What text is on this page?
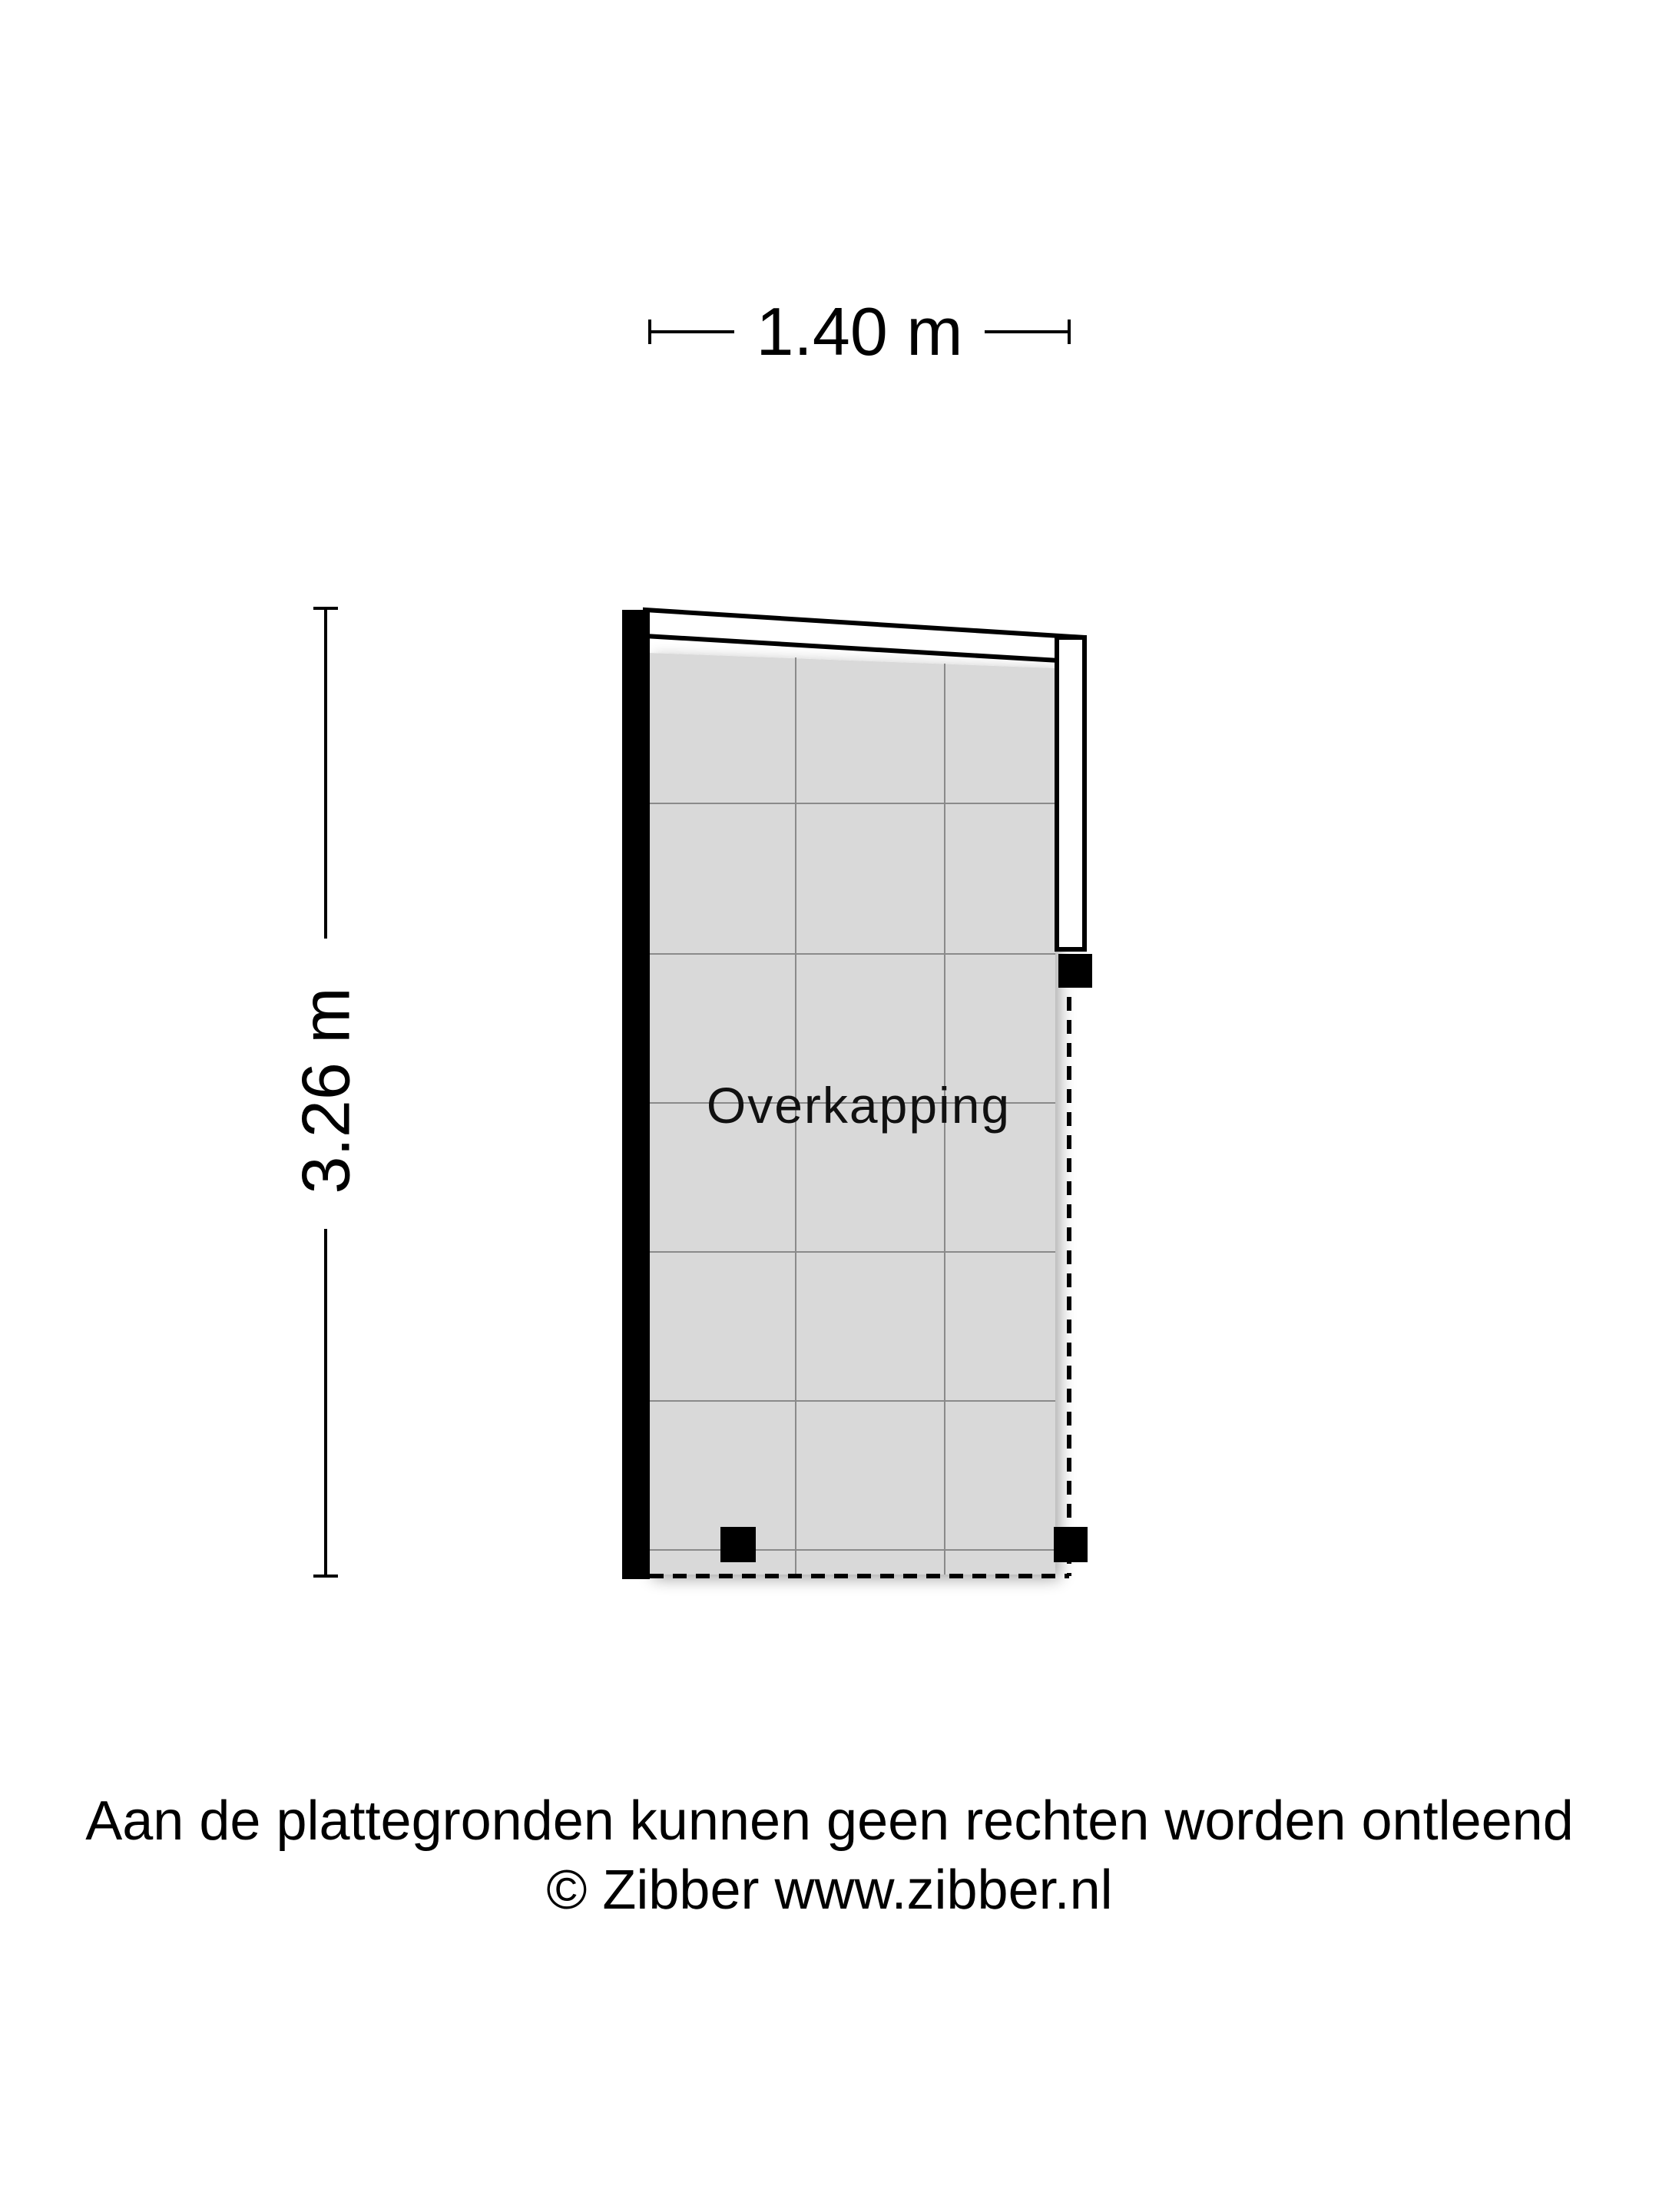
1.40 m
3.26 m	Overkapping
Aan de plattegronden kunnen geen rechten worden ontleend
© Zibber www.zibber.nl
